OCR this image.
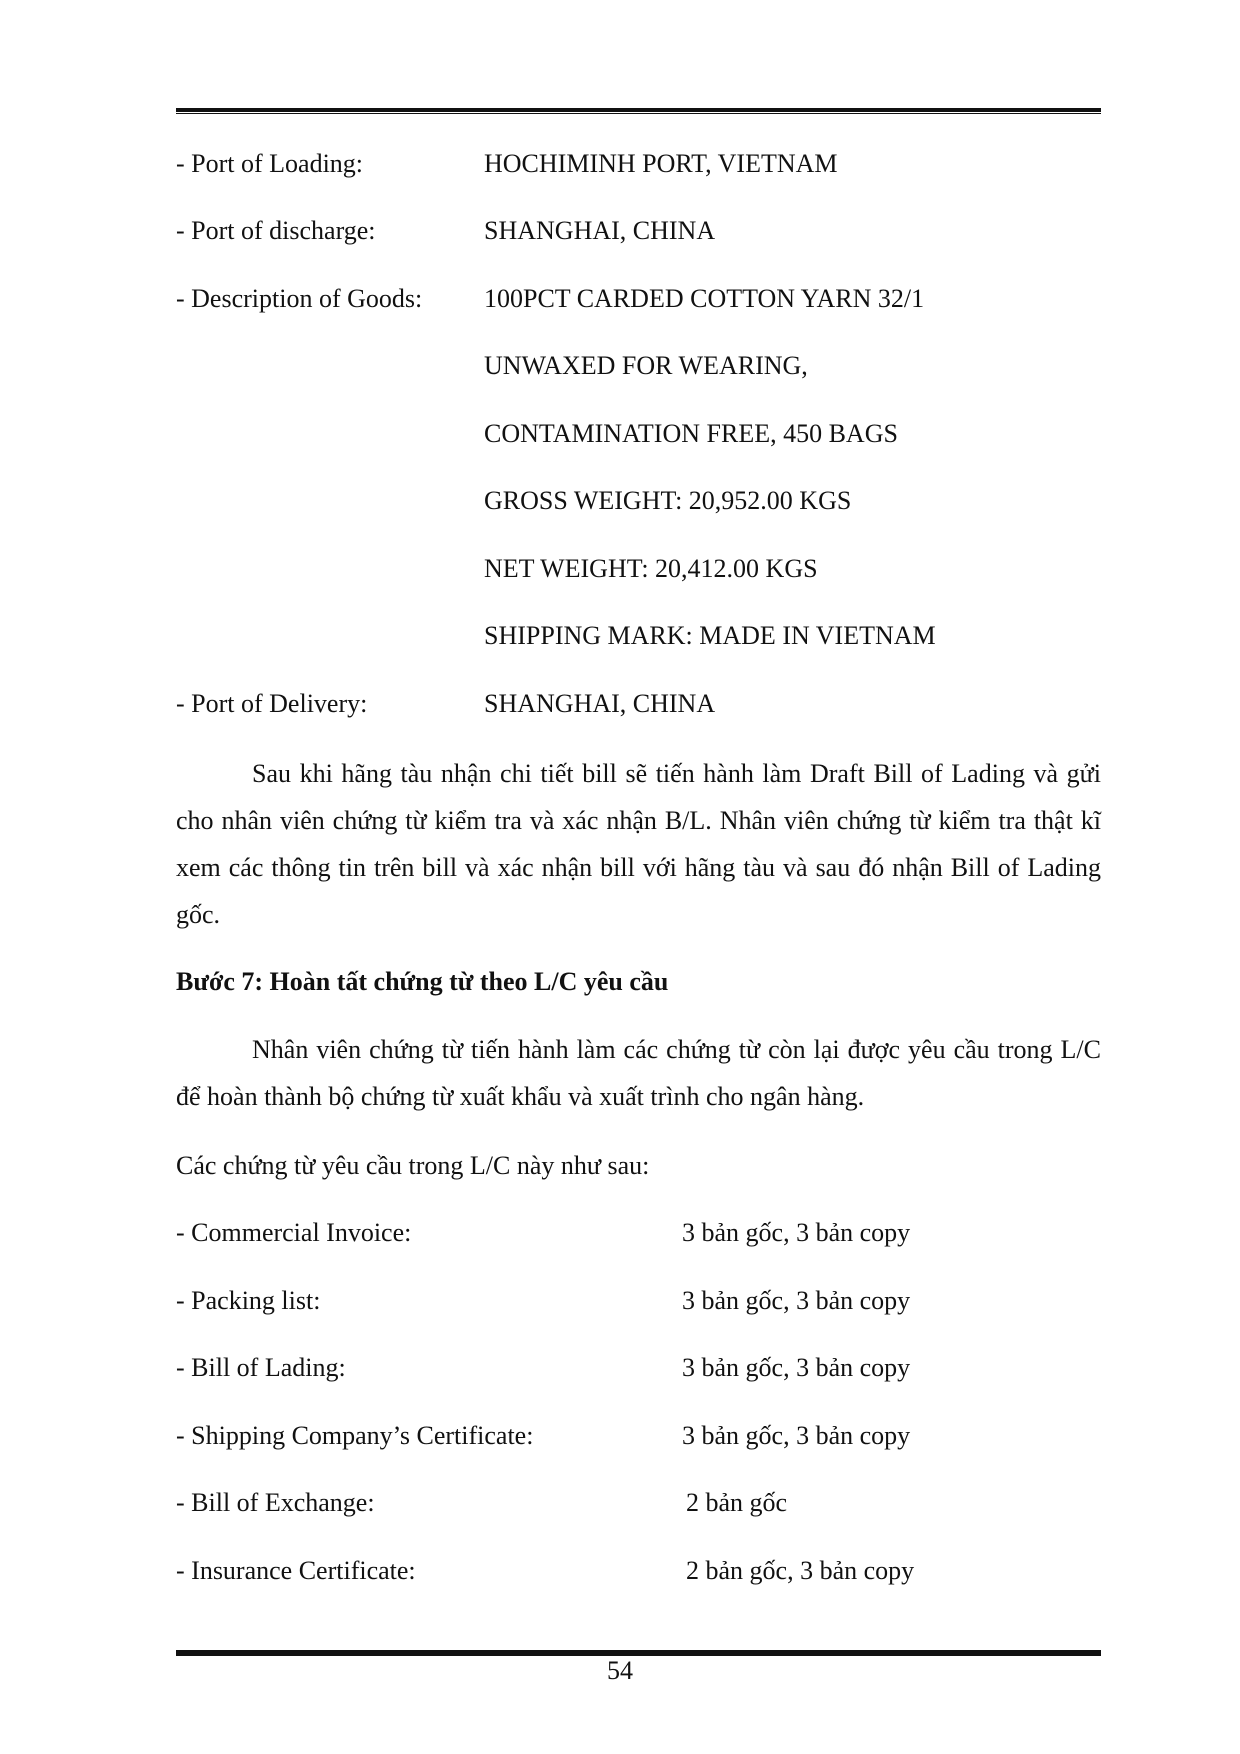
- Port of Loading:	HOCHIMINH PORT, VIETNAM
- Port of discharge:	SHANGHAI, CHINA
- Description of Goods: 100PCT CARDED COTTON YARN 32/1
UNWAXED FOR WEARING,
CONTAMINATION FREE, 450 BAGS
GROSS WEIGHT: 20,952.00 KGS
NET WEIGHT: 20,412.00 KGS
SHIPPING MARK: MADE IN VIETNAM
- Port of Delivery:	SHANGHAI, CHINA
Sau khi hãng tàu nhận chi tiết bill sẽ tiến hành làm Draft Bill of Lading và gửi cho nhân viên chứng từ kiểm tra và xác nhận B/L. Nhân viên chứng từ kiểm tra thật kĩ xem các thông tin trên bill và xác nhận bill với hãng tàu và sau đó nhận Bill of Lading gốc.
Bước 7: Hoàn tất chứng từ theo L/C yêu cầu
Nhân viên chứng từ tiến hành làm các chứng từ còn lại được yêu cầu trong L/C để hoàn thành bộ chứng từ xuất khẩu và xuất trình cho ngân hàng.
Các chứng từ yêu cầu trong L/C này như sau:
- Commercial Invoice:	3 bản gốc, 3 bản copy
- Packing list:	3 bản gốc, 3 bản copy
- Bill of Lading:	3 bản gốc, 3 bản copy
- Shipping Company’s Certificate:	3 bản gốc, 3 bản copy
- Bill of Exchange:	2 bản gốc
- Insurance Certificate:	2 bản gốc, 3 bản copy
54
